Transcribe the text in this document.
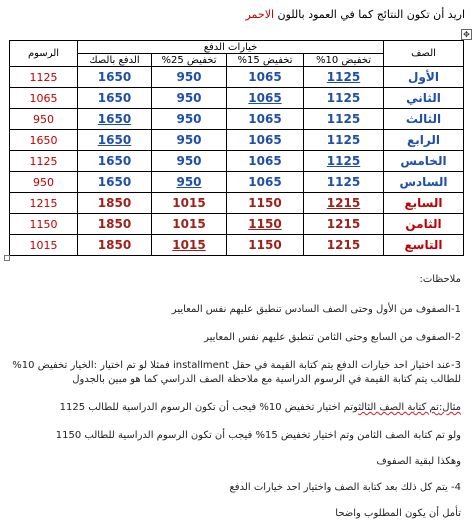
اريد أن تكون النتائج كما في العمود باللون الاحمر
✥
الصف	خيارات الدفع				الرسوم
	تخفيض 10%	تخفيض 15%	تخفيض 25%	الدفع بالصك	
الأول	1125	1065	950	1650	1125
الثاني	1125	1065	950	1650	1065
الثالث	1125	1065	950	1650	950
الرابع	1125	1065	950	1650	1650
الخامس	1125	1065	950	1650	1125
السادس	1125	1065	950	1650	950
السابع	1215	1150	1015	1850	1215
الثامن	1215	1150	1015	1850	1150
التاسع	1215	1150	1015	1850	1015

ملاحظات:

1-الصفوف من الأول وحتى الصف السادس تنطبق عليهم نفس المعايير

2-الصفوف من السابع وحتى الثامن تنطبق عليهم نفس المعايير

3-عند اختيار احد خيارات الدفع يتم كتابة القيمة في حقل installment فمثلا لو تم اختيار :الخيار تخفيض 10%

للطالب يتم كتابة القيمة في الرسوم الدراسية مع ملاحظة الصف الدراسي كما هو مبين بالجدول

مثال:تم كتابة الصف الثالثوتم اختيار تخفيض 10% فيجب أن تكون الرسوم الدراسية للطالب 1125

ولو تم كتابة الصف الثامن وتم اختيار تخفيض 15% فيجب أن تكون الرسوم الدراسية للطالب 1150

وهكذا لبقية الصفوف

4- يتم كل ذلك بعد كتابة الصف واختيار احد خيارات الدفع

تأمل أن يكون المطلوب واضحا
